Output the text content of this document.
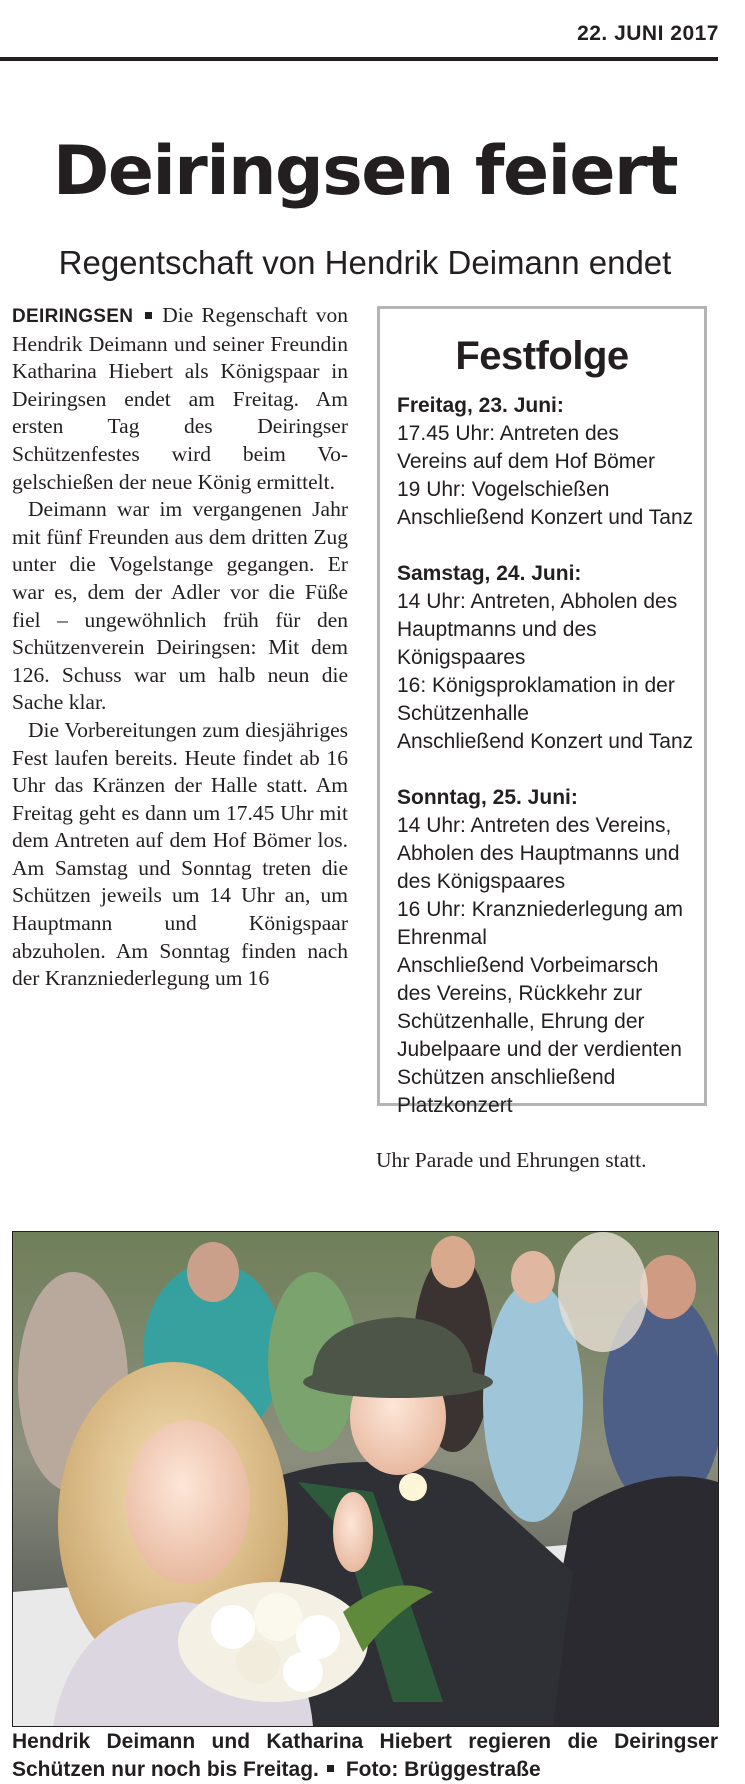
22. JUNI 2017
Deiringsen feiert
Regentschaft von Hendrik Deimann endet

DEIRINGSEN Die Regenschaft von Hendrik Deimann und seiner Freundin Katharina Hiebert als Königspaar in Deiringsen endet am Freitag. Am ersten Tag des Deiringser Schützenfestes wird beim Vogelschießen der neue König ermittelt.

Deimann war im vergangenen Jahr mit fünf Freunden aus dem dritten Zug unter die Vogelstange gegangen. Er war es, dem der Adler vor die Füße fiel – ungewöhnlich früh für den Schützenverein Deiringsen: Mit dem 126. Schuss war um halb neun die Sache klar.

Die Vorbereitungen zum diesjähriges Fest laufen bereits. Heute findet ab 16 Uhr das Kränzen der Halle statt. Am Freitag geht es dann um 17.45 Uhr mit dem Antreten auf dem Hof Bömer los. Am Samstag und Sonntag treten die Schützen jeweils um 14 Uhr an, um Hauptmann und Königspaar abzuholen. Am Sonntag finden nach der Kranzniederlegung um 16

Uhr Parade und Ehrungen statt.

Festfolge
Freitag, 23. Juni:
17.45 Uhr: Antreten des Vereins auf dem Hof Bömer
19 Uhr: Vogelschießen
Anschließend Konzert und Tanz
Samstag, 24. Juni:
14 Uhr: Antreten, Abholen des Hauptmanns und des Königspaares
16: Königsproklamation in der Schützenhalle
Anschließend Konzert und Tanz
Sonntag, 25. Juni:
14 Uhr: Antreten des Vereins, Abholen des Hauptmanns und des Königspaares
16 Uhr: Kranzniederlegung am Ehrenmal
Anschließend Vorbeimarsch des Vereins, Rückkehr zur Schützenhalle, Ehrung der Jubelpaare und der verdienten Schützen anschließend Platzkonzert
Hendrik Deimann und Katharina Hiebert regieren die Deiringser Schützen nur noch bis Freitag. Foto: Brüggestraße
